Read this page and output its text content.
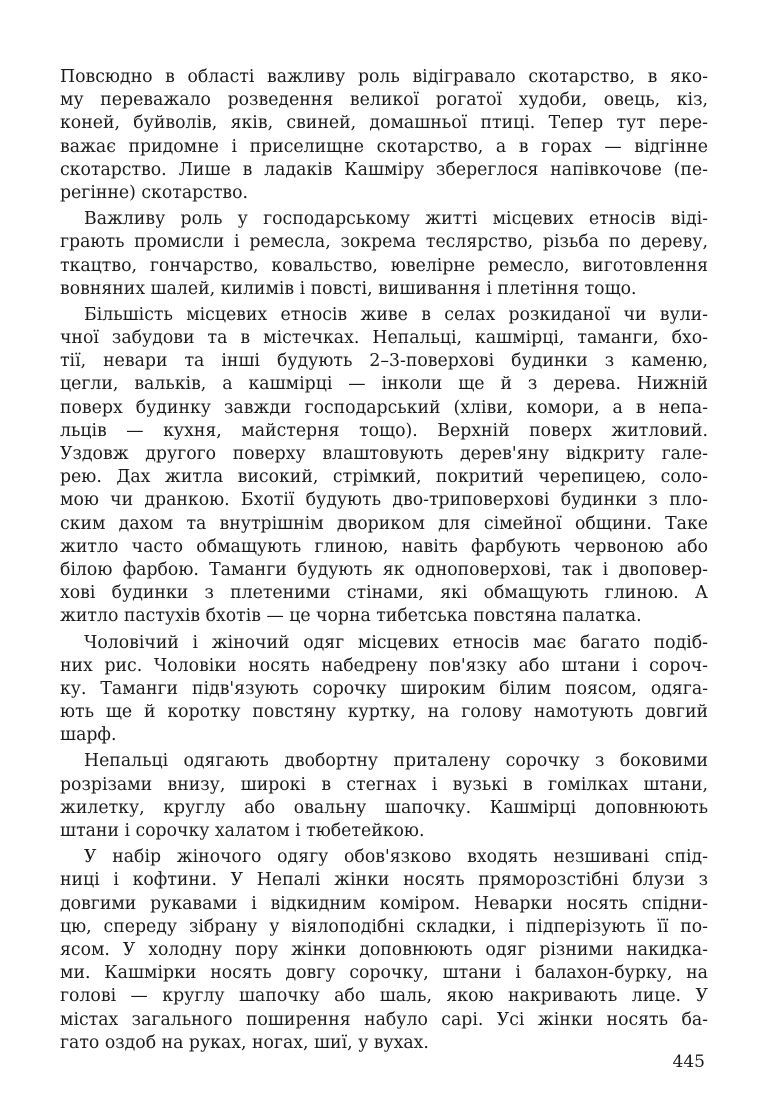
Повсюдно в області важливу роль відігравало скотарство, в яко-
му переважало розведення великої рогатої худоби, овець, кіз,
коней, буйволів, яків, свиней, домашньої птиці. Тепер тут пере-
важає придомне і приселищне скотарство, а в горах — відгінне
скотарство. Лише в ладаків Кашміру збереглося напівкочове (пе-
регінне) скотарство.
Важливу роль у господарському житті місцевих етносів віді-
грають промисли і ремесла, зокрема теслярство, різьба по дереву,
ткацтво, гончарство, ковальство, ювелірне ремесло, виготовлення
вовняних шалей, килимів і повсті, вишивання і плетіння тощо.
Більшість місцевих етносів живе в селах розкиданої чи вули-
чної забудови та в містечках. Непальці, кашмірці, таманги, бхо-
тії, невари та інші будують 2–3-поверхові будинки з каменю,
цегли, вальків, а кашмірці — інколи ще й з дерева. Нижній
поверх будинку завжди господарський (хліви, комори, а в непа-
льців — кухня, майстерня тощо). Верхній поверх житловий.
Уздовж другого поверху влаштовують дерев'яну відкриту гале-
рею. Дах житла високий, стрімкий, покритий черепицею, соло-
мою чи дранкою. Бхотії будують дво-триповерхові будинки з пло-
ским дахом та внутрішнім двориком для сімейної общини. Таке
житло часто обмащують глиною, навіть фарбують червоною або
білою фарбою. Таманги будують як одноповерхові, так і двоповер-
хові будинки з плетеними стінами, які обмащують глиною. А
житло пастухів бхотів — це чорна тибетська повстяна палатка.
Чоловічий і жіночий одяг місцевих етносів має багато подіб-
них рис. Чоловіки носять набедрену пов'язку або штани і сороч-
ку. Таманги підв'язують сорочку широким білим поясом, одяга-
ють ще й коротку повстяну куртку, на голову намотують довгий
шарф.
Непальці одягають двобортну приталену сорочку з боковими
розрізами внизу, широкі в стегнах і вузькі в гомілках штани,
жилетку, круглу або овальну шапочку. Кашмірці доповнюють
штани і сорочку халатом і тюбетейкою.
У набір жіночого одягу обов'язково входять незшивані спід-
ниці і кофтини. У Непалі жінки носять пряморозстібні блузи з
довгими рукавами і відкидним коміром. Неварки носять спідни-
цю, спереду зібрану у віялоподібні складки, і підперізують її по-
ясом. У холодну пору жінки доповнюють одяг різними накидка-
ми. Кашмірки носять довгу сорочку, штани і балахон-бурку, на
голові — круглу шапочку або шаль, якою накривають лице. У
містах загального поширення набуло сарі. Усі жінки носять ба-
гато оздоб на руках, ногах, шиї, у вухах.
445
